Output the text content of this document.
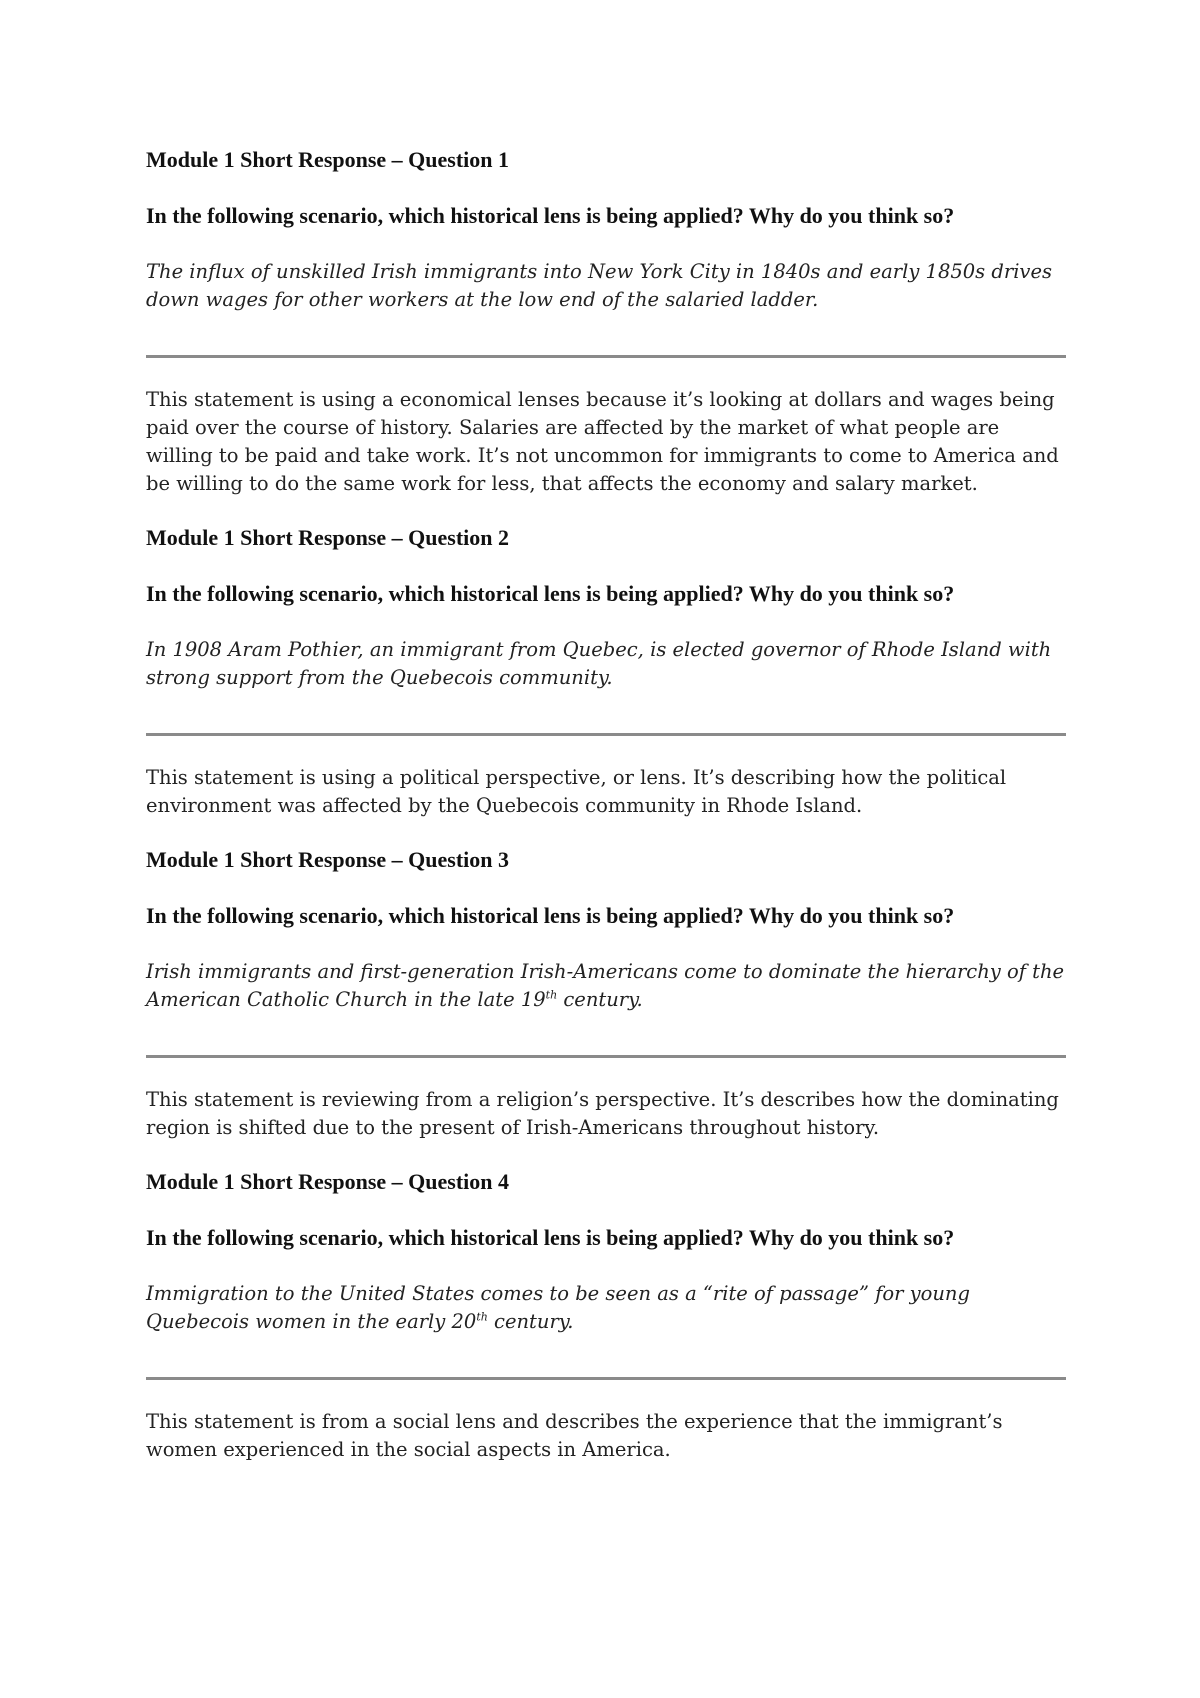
Module 1 Short Response – Question 1

In the following scenario, which historical lens is being applied? Why do you think so?

The influx of unskilled Irish immigrants into New York City in 1840s and early 1850s drives down wages for other workers at the low end of the salaried ladder.

This statement is using a economical lenses because it’s looking at dollars and wages being paid over the course of history. Salaries are affected by the market of what people are willing to be paid and take work. It’s not uncommon for immigrants to come to America and be willing to do the same work for less, that affects the economy and salary market.

Module 1 Short Response – Question 2

In the following scenario, which historical lens is being applied? Why do you think so?

In 1908 Aram Pothier, an immigrant from Quebec, is elected governor of Rhode Island with strong support from the Quebecois community.

This statement is using a political perspective, or lens. It’s describing how the political environment was affected by the Quebecois community in Rhode Island.

Module 1 Short Response – Question 3

In the following scenario, which historical lens is being applied? Why do you think so?

Irish immigrants and first-generation Irish-Americans come to dominate the hierarchy of the American Catholic Church in the late 19th century.

This statement is reviewing from a religion’s perspective. It’s describes how the dominating region is shifted due to the present of Irish-Americans throughout history.

Module 1 Short Response – Question 4

In the following scenario, which historical lens is being applied? Why do you think so?

Immigration to the United States comes to be seen as a “rite of passage” for young Quebecois women in the early 20th century.

This statement is from a social lens and describes the experience that the immigrant’s women experienced in the social aspects in America.
